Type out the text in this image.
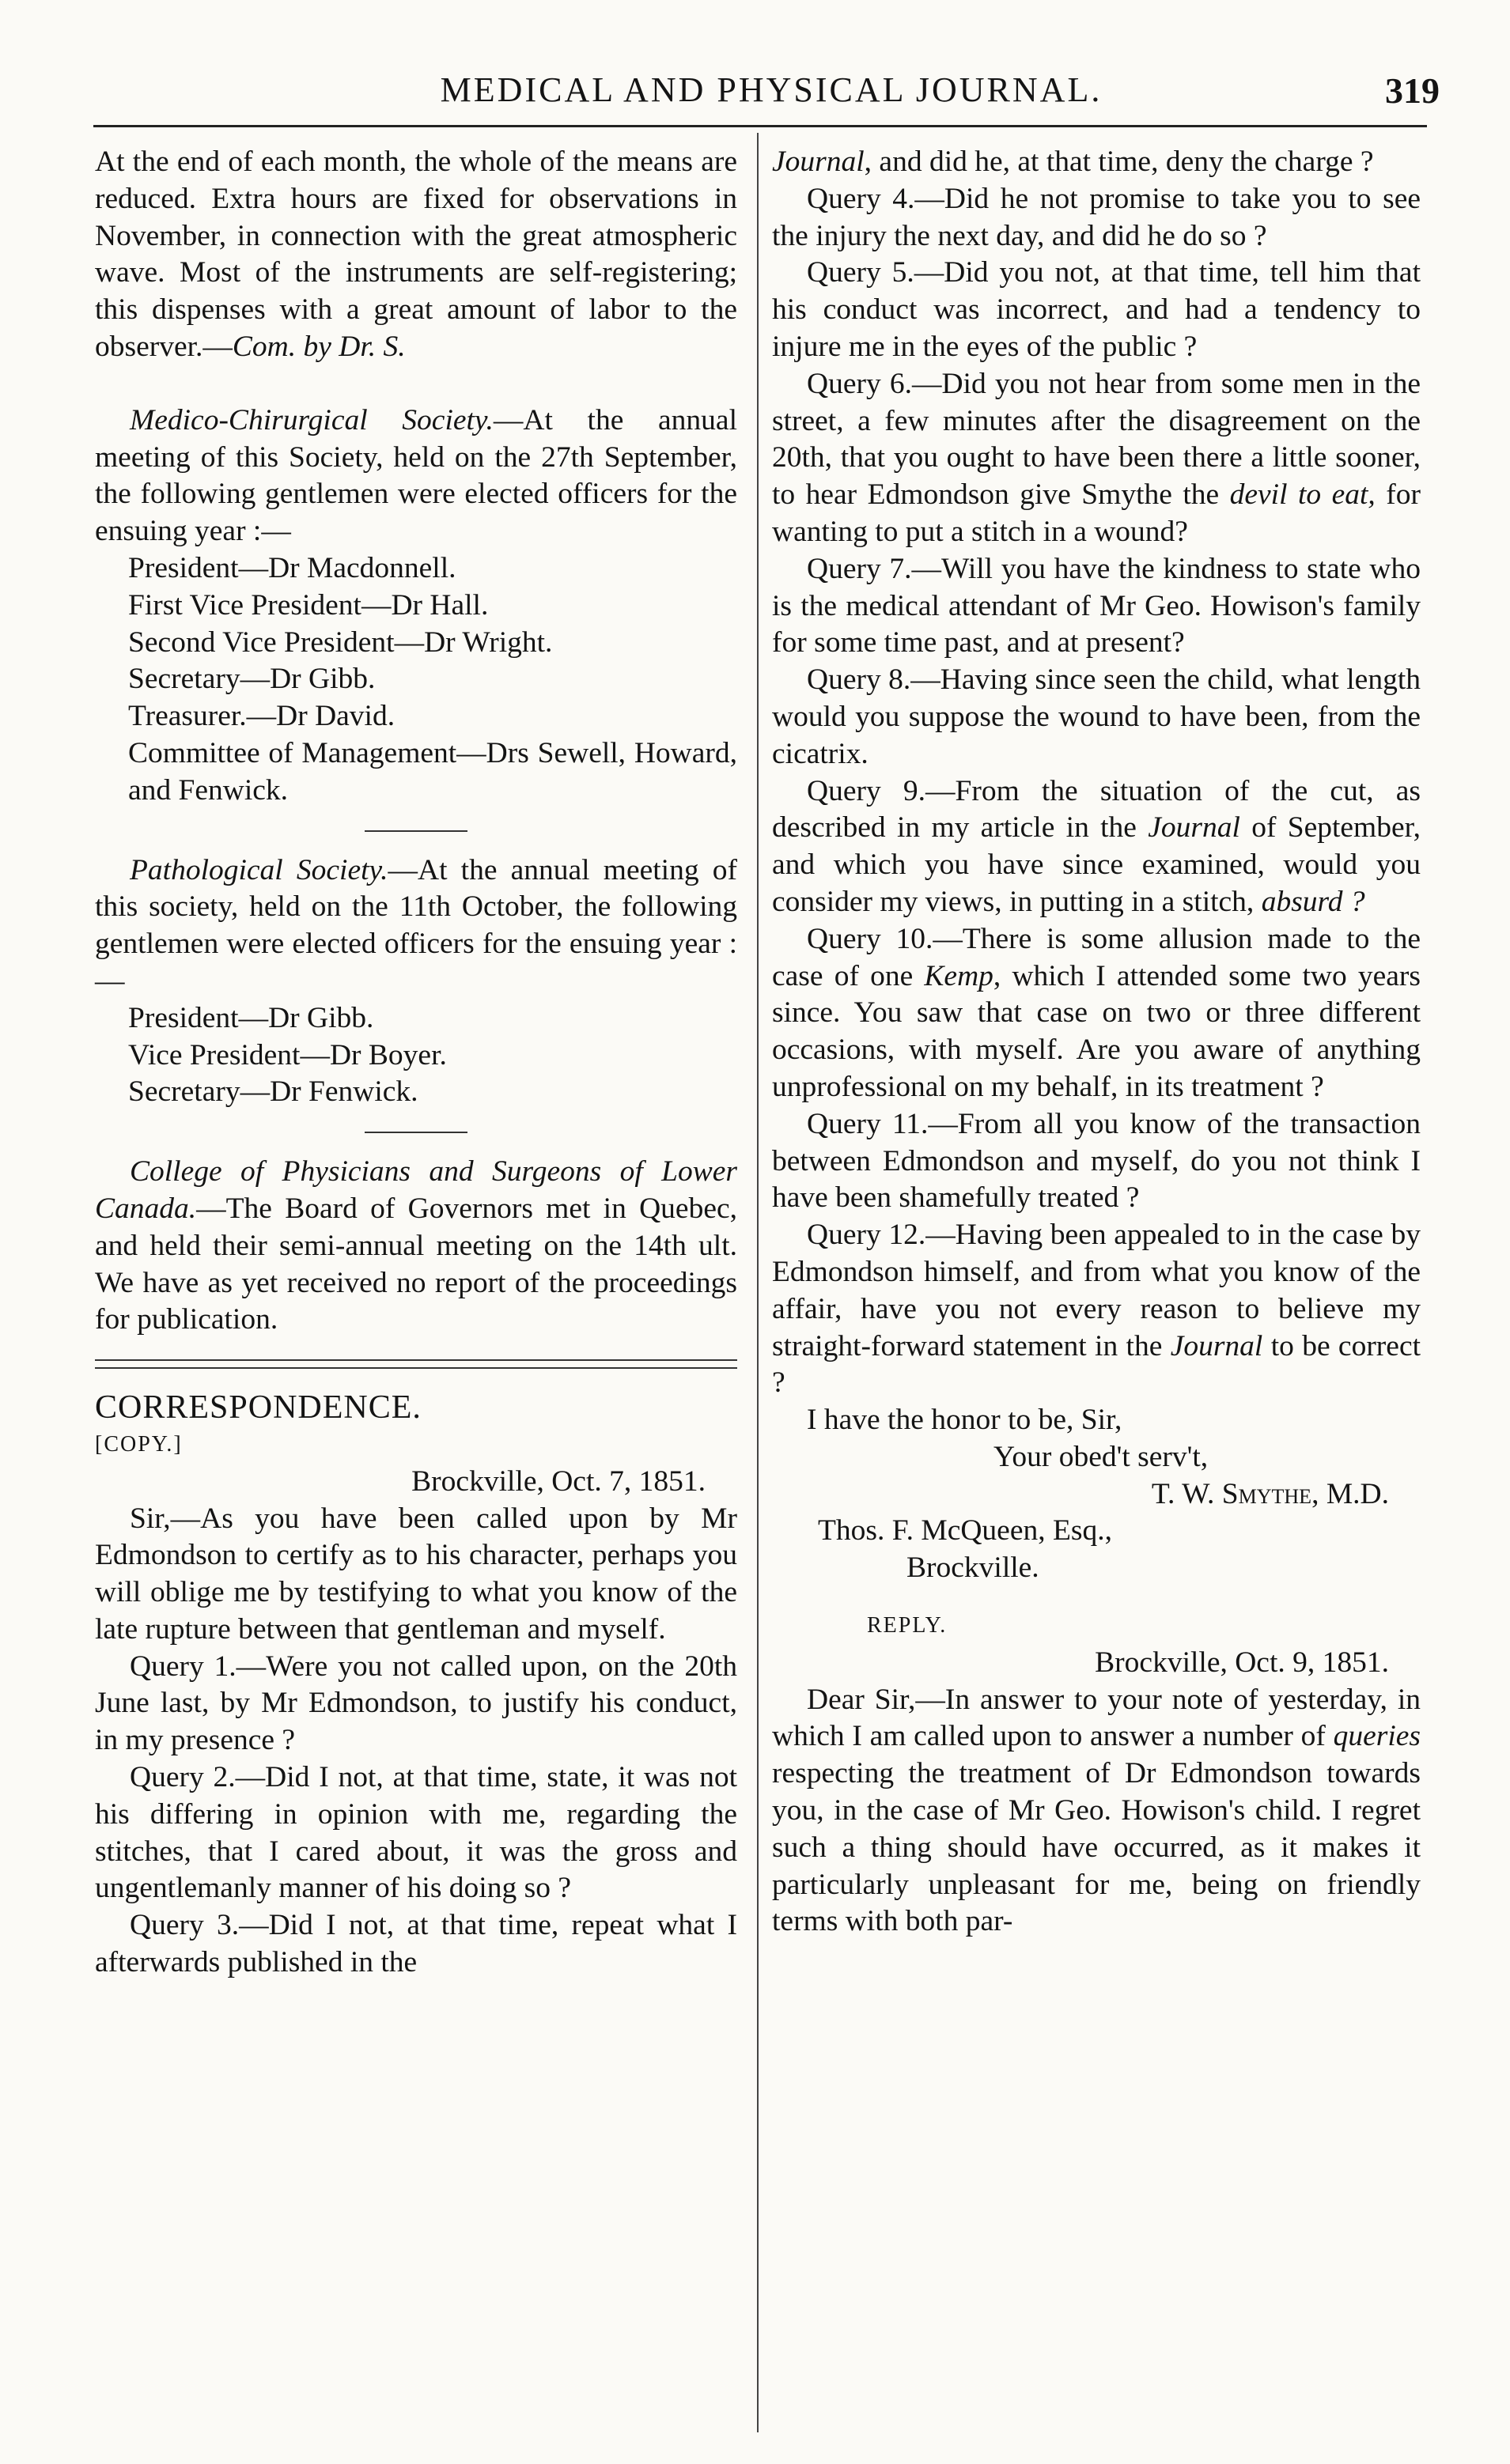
MEDICAL AND PHYSICAL JOURNAL.	319

At the end of each month, the whole of the means are reduced. Extra hours are fixed for observations in November, in connection with the great atmospheric wave. Most of the instruments are self-registering; this dispenses with a great amount of labor to the observer.—Com. by Dr. S.

Medico-Chirurgical Society.—At the annual meeting of this Society, held on the 27th September, the following gentlemen were elected officers for the ensuing year :—

President—Dr Macdonnell.
First Vice President—Dr Hall.
Second Vice President—Dr Wright.
Secretary—Dr Gibb.
Treasurer.—Dr David.

Committee of Management—Drs Sewell, Howard, and Fenwick.

Pathological Society.—At the annual meeting of this society, held on the 11th October, the following gentlemen were elected officers for the ensuing year :—

President—Dr Gibb.
Vice President—Dr Boyer.
Secretary—Dr Fenwick.

College of Physicians and Surgeons of Lower Canada.—The Board of Governors met in Quebec, and held their semi-annual meeting on the 14th ult. We have as yet received no report of the proceedings for publication.

CORRESPONDENCE.

[COPY.]

Brockville, Oct. 7, 1851.

Sir,—As you have been called upon by Mr Edmondson to certify as to his character, perhaps you will oblige me by testifying to what you know of the late rupture between that gentleman and myself.

Query 1.—Were you not called upon, on the 20th June last, by Mr Edmondson, to justify his conduct, in my presence ?

Query 2.—Did I not, at that time, state, it was not his differing in opinion with me, regarding the stitches, that I cared about, it was the gross and ungentlemanly manner of his doing so ?

Query 3.—Did I not, at that time, repeat what I afterwards published in the

Journal, and did he, at that time, deny the charge ?

Query 4.—Did he not promise to take you to see the injury the next day, and did he do so ?

Query 5.—Did you not, at that time, tell him that his conduct was incorrect, and had a tendency to injure me in the eyes of the public ?

Query 6.—Did you not hear from some men in the street, a few minutes after the disagreement on the 20th, that you ought to have been there a little sooner, to hear Edmondson give Smythe the devil to eat, for wanting to put a stitch in a wound?

Query 7.—Will you have the kindness to state who is the medical attendant of Mr Geo. Howison's family for some time past, and at present?

Query 8.—Having since seen the child, what length would you suppose the wound to have been, from the cicatrix.

Query 9.—From the situation of the cut, as described in my article in the Journal of September, and which you have since examined, would you consider my views, in putting in a stitch, absurd ?

Query 10.—There is some allusion made to the case of one Kemp, which I attended some two years since. You saw that case on two or three different occasions, with myself. Are you aware of anything unprofessional on my behalf, in its treatment ?

Query 11.—From all you know of the transaction between Edmondson and myself, do you not think I have been shamefully treated ?

Query 12.—Having been appealed to in the case by Edmondson himself, and from what you know of the affair, have you not every reason to believe my straight-forward statement in the Journal to be correct ?

I have the honor to be, Sir,

Your obed't serv't,

T. W. Smythe, M.D.

Thos. F. McQueen, Esq.,

Brockville.

REPLY.

Brockville, Oct. 9, 1851.

Dear Sir,—In answer to your note of yesterday, in which I am called upon to answer a number of queries respecting the treatment of Dr Edmondson towards you, in the case of Mr Geo. Howison's child. I regret such a thing should have occurred, as it makes it particularly unpleasant for me, being on friendly terms with both par-
